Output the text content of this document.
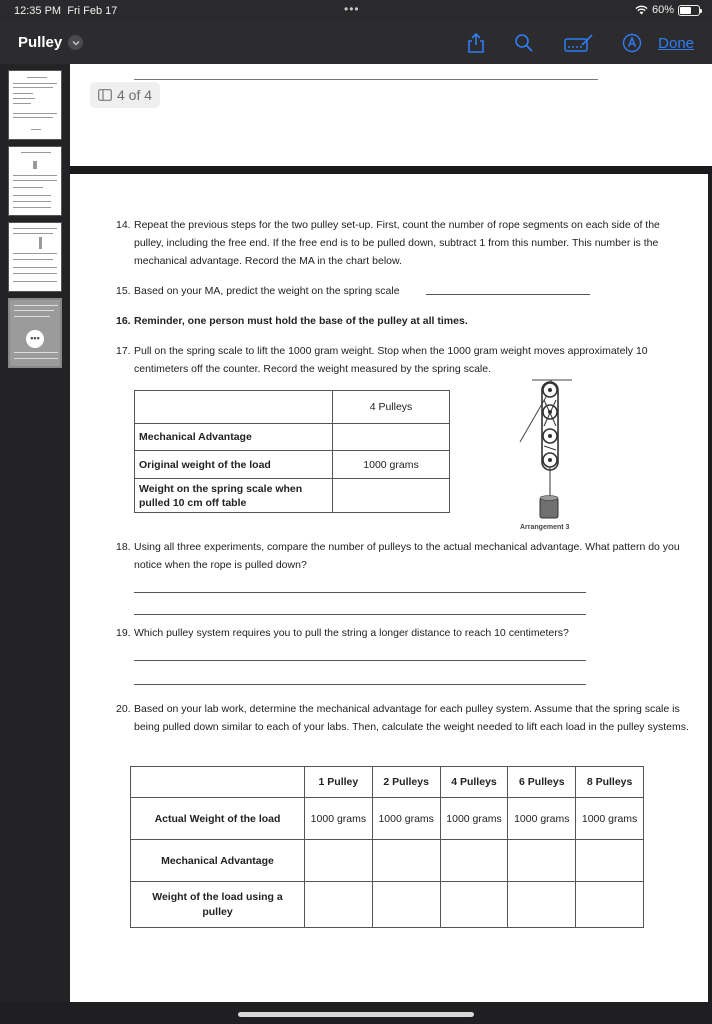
12:35 PM Fri Feb 17	•••	60%
Pulley	Done
•••
4 of 4
14. Repeat the previous steps for the two pulley set-up. First, count the number of rope segments on each side of the pulley, including the free end. If the free end is to be pulled down, subtract 1 from this number. This number is the mechanical advantage. Record the MA in the chart below.
15. Based on your MA, predict the weight on the spring scale
16. Reminder, one person must hold the base of the pulley at all times.
17. Pull on the spring scale to lift the 1000 gram weight. Stop when the 1000 gram weight moves approximately 10 centimeters off the counter. Record the weight measured by the spring scale.
	4 Pulleys
Mechanical Advantage	
Original weight of the load	1000 grams
Weight on the spring scale when pulled 10 cm off table	
Arrangement 3
18. Using all three experiments, compare the number of pulleys to the actual mechanical advantage. What pattern do you notice when the rope is pulled down?
19. Which pulley system requires you to pull the string a longer distance to reach 10 centimeters?
20. Based on your lab work, determine the mechanical advantage for each pulley system. Assume that the spring scale is being pulled down similar to each of your labs. Then, calculate the weight needed to lift each load in the pulley systems.
	1 Pulley	2 Pulleys	4 Pulleys	6 Pulleys	8 Pulleys
Actual Weight of the load	1000 grams	1000 grams	1000 grams	1000 grams	1000 grams
Mechanical Advantage					
Weight of the load using a pulley					
